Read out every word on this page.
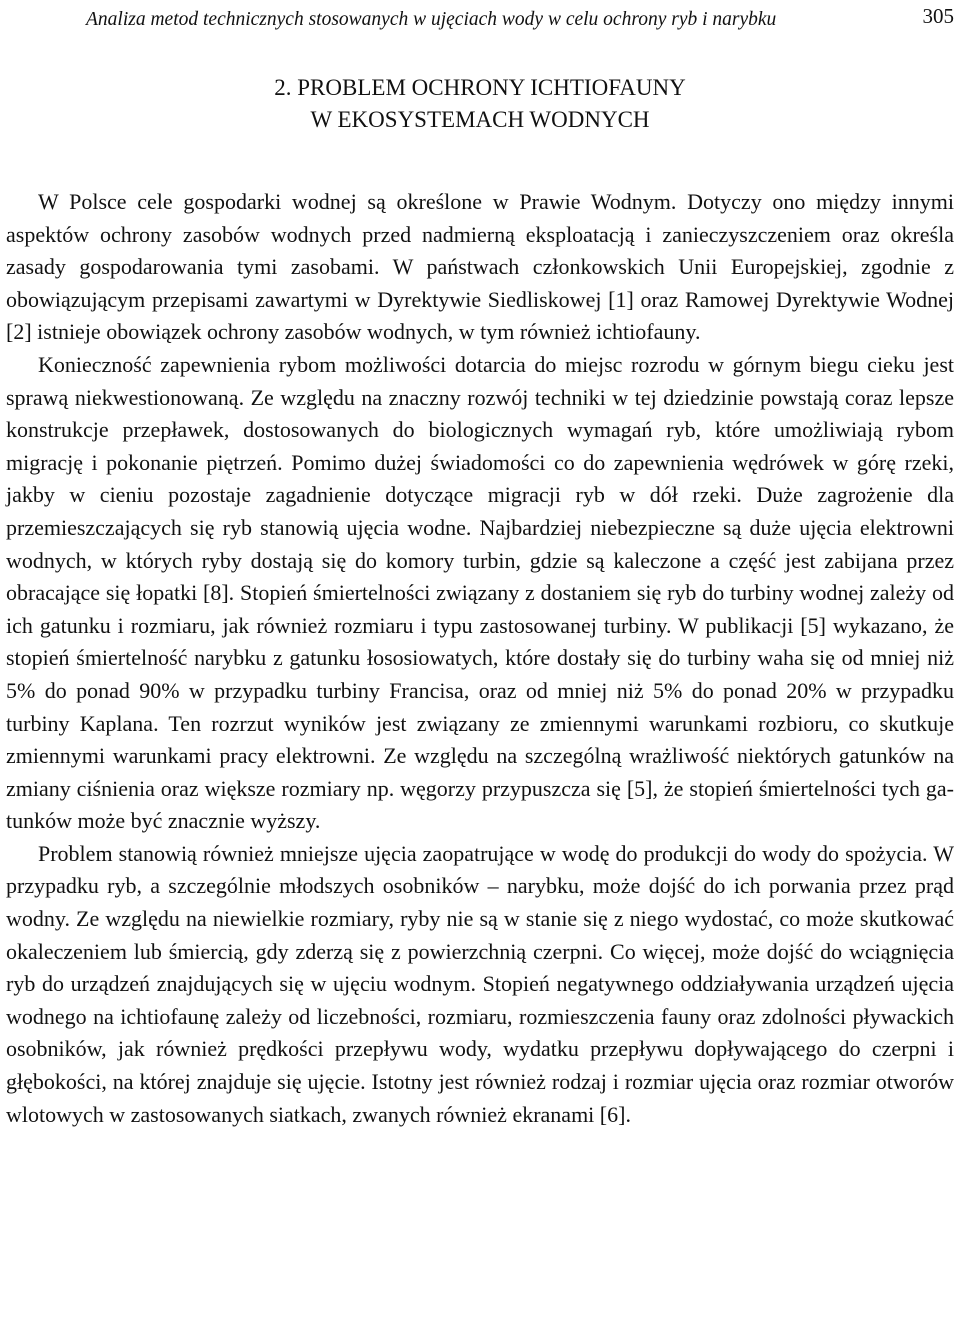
Analiza metod technicznych stosowanych w ujęciach wody w celu ochrony ryb i narybku	305
2. PROBLEM OCHRONY ICHTIOFAUNY
W EKOSYSTEMACH WODNYCH

W Polsce cele gospodarki wodnej są określone w Prawie Wodnym. Dotyczy ono między innymi aspektów ochrony zasobów wodnych przed nadmierną eksploatacją i zanieczyszczeniem oraz określa zasady gospodarowania tymi zasobami. W państwach członkowskich Unii Europejskiej, zgodnie z obowiązującym przepisami zawartymi w Dyrektywie Siedliskowej [1] oraz Ramowej Dyrektywie Wodnej [2] istnieje obowiązek ochrony zasobów wodnych, w tym również ichtiofauny.

Konieczność zapewnienia rybom możliwości dotarcia do miejsc rozrodu w górnym biegu cieku jest sprawą niekwestionowaną. Ze względu na znaczny rozwój techniki w tej dziedzinie powstają coraz lepsze konstrukcje przepławek, dostosowanych do biologicznych wymagań ryb, które umożliwiają rybom migrację i pokonanie piętrzeń. Pomimo dużej świadomości co do zapewnienia wędrówek w górę rzeki, jakby w cieniu pozostaje zagadnienie dotyczące migracji ryb w dół rzeki. Duże zagrożenie dla przemieszczających się ryb stanowią ujęcia wodne. Najbardziej niebezpieczne są duże ujęcia elektrowni wodnych, w których ryby dostają się do komory turbin, gdzie są kaleczone a część jest zabijana przez obracające się łopatki [8]. Stopień śmiertelności związany z dostaniem się ryb do turbiny wodnej zależy od ich gatunku i rozmiaru, jak również rozmiaru i typu zastosowanej turbiny. W publikacji [5] wykazano, że stopień śmiertelność narybku z gatunku łososiowatych, które dostały się do turbiny waha się od mniej niż 5% do ponad 90% w przypadku turbiny Francisa, oraz od mniej niż 5% do ponad 20% w przypadku turbiny Kaplana. Ten rozrzut wyników jest związany ze zmiennymi warunkami rozbioru, co skutkuje zmiennymi warunkami pracy elektrowni. Ze względu na szczególną wrażliwość niektórych gatunków na zmiany ciśnienia oraz większe rozmiary np. węgorzy przypuszcza się [5], że stopień śmiertelności tych gatunków może być znacznie wyższy.

Problem stanowią również mniejsze ujęcia zaopatrujące w wodę do produkcji do wody do spożycia. W przypadku ryb, a szczególnie młodszych osobników – narybku, może dojść do ich porwania przez prąd wodny. Ze względu na niewielkie rozmiary, ryby nie są w stanie się z niego wydostać, co może skutkować okaleczeniem lub śmiercią, gdy zderzą się z powierzchnią czerpni. Co więcej, może dojść do wciągnięcia ryb do urządzeń znajdujących się w ujęciu wodnym. Stopień negatywnego oddziaływania urządzeń ujęcia wodnego na ichtiofaunę zależy od liczebności, rozmiaru, rozmieszczenia fauny oraz zdolności pływackich osobników, jak również prędkości przepływu wody, wydatku przepływu dopływającego do czerpni i głębokości, na której znajduje się ujęcie. Istotny jest również rodzaj i rozmiar ujęcia oraz rozmiar otworów wlotowych w zastosowanych siatkach, zwanych również ekranami [6].
